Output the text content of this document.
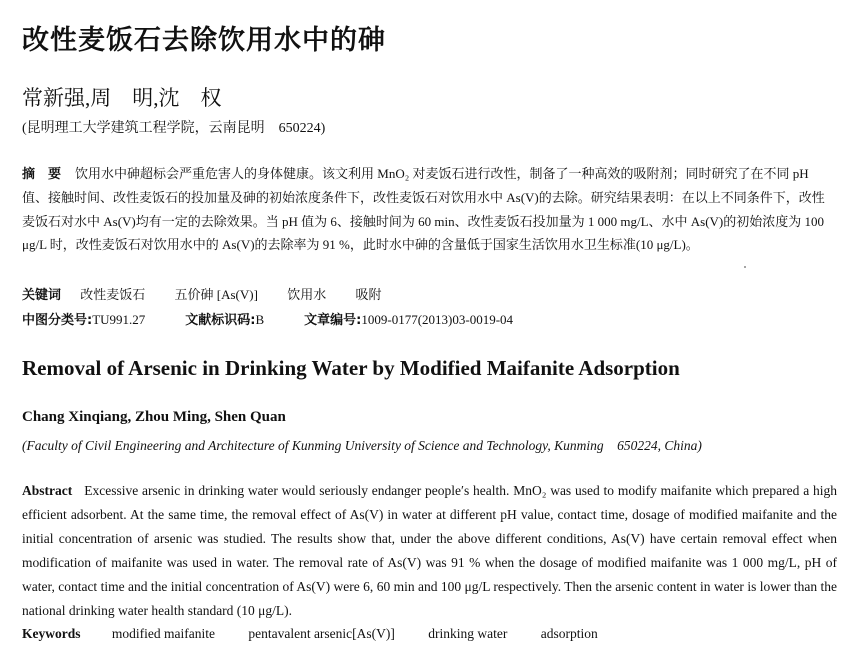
改性麦饭石去除饮用水中的砷
常新强,周　明,沈　权
(昆明理工大学建筑工程学院，云南昆明　650224)
摘　要 饮用水中砷超标会严重危害人的身体健康。该文利用 MnO₂ 对麦饭石进行改性，制备了一种高效的吸附剂；同时研究了在不同 pH 值、接触时间、改性麦饭石的投加量及砷的初始浓度条件下，改性麦饭石对饮用水中 As(V)的去除。研究结果表明：在以上不同条件下，改性麦饭石对水中 As(V)均有一定的去除效果。当 pH 值为 6、接触时间为 60 min、改性麦饭石投加量为 1 000 mg/L、水中 As(V)的初始浓度为 100 μg/L 时，改性麦饭石对饮用水中的 As(V)的去除率为 91 %，此时水中砷的含量低于国家生活饮用水卫生标准(10 μg/L)。
关键词 改性麦饭石 五价砷 [As(V)] 饮用水 吸附
中图分类号:TU991.27	文献标识码:B	文章编号:1009-0177(2013)03-0019-04
Removal of Arsenic in Drinking Water by Modified Maifanite Adsorption
Chang Xinqiang, Zhou Ming, Shen Quan
(Faculty of Civil Engineering and Architecture of Kunming University of Science and Technology, Kunming　650224, China)
Abstract Excessive arsenic in drinking water would seriously endanger people′s health. MnO₂ was used to modify maifanite which prepared a high efficient adsorbent. At the same time, the removal effect of As(V) in water at different pH value, contact time, dosage of modified maifanite and the initial concentration of arsenic was studied. The results show that, under the above different conditions, As(V) have certain removal effect when modification of maifanite was used in water. The removal rate of As(V) was 91 % when the dosage of modified maifanite was 1 000 mg/L, pH of water, contact time and the initial concentration of As(V) were 6, 60 min and 100 μg/L respectively. Then the arsenic content in water is lower than the national drinking water health standard (10 μg/L).
Keywords modified maifanite pentavalent arsenic[As(V)] drinking water adsorption
